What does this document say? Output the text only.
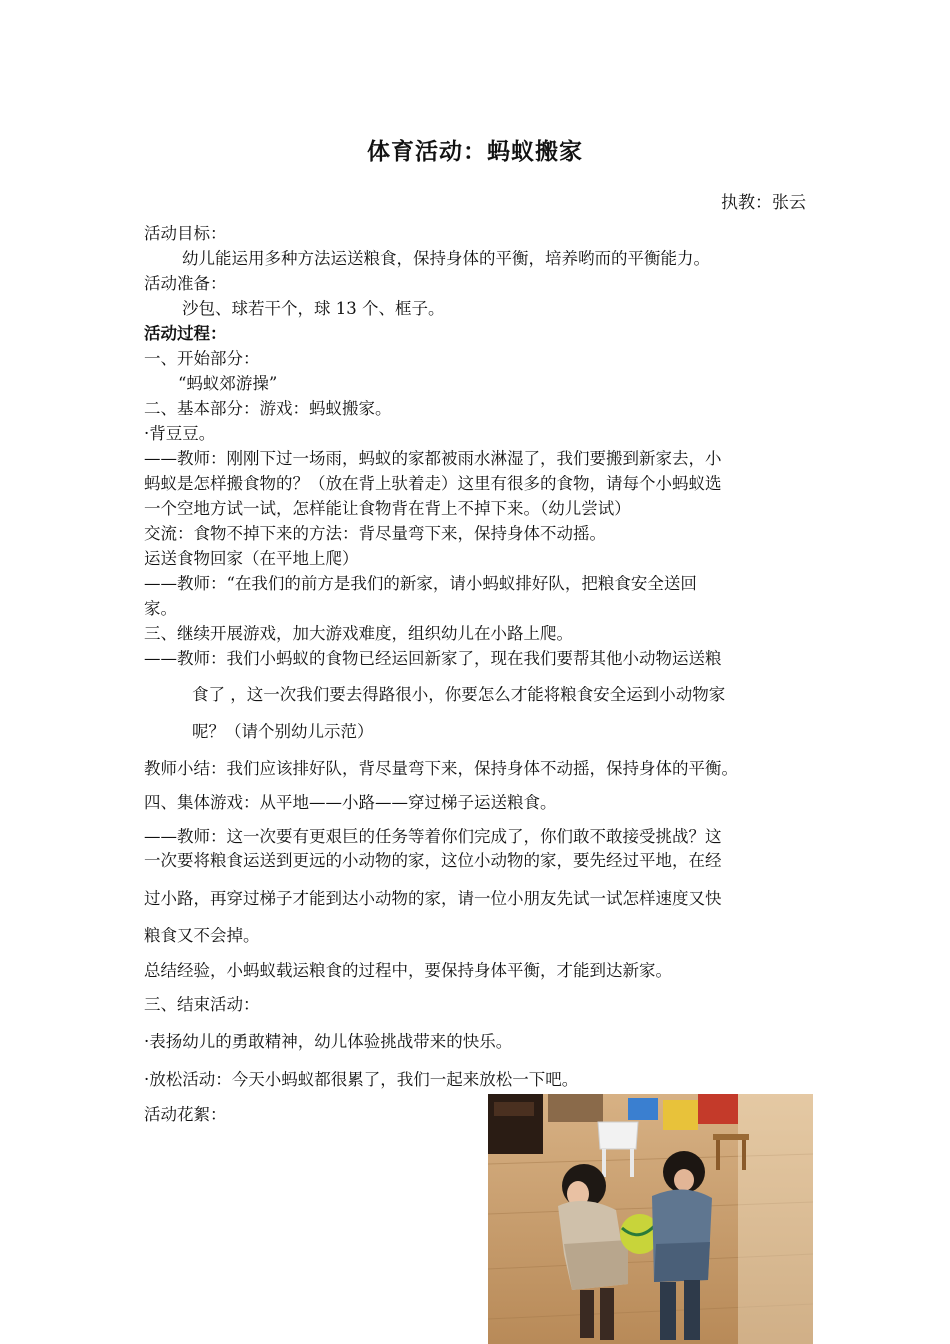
体育活动：蚂蚁搬家
执教：张云
活动目标：
幼儿能运用多种方法运送粮食，保持身体的平衡，培养哟而的平衡能力。
活动准备：
沙包、球若干个，球 13 个、框子。
活动过程：
一、开始部分：
“蚂蚁郊游操”
二、基本部分：游戏：蚂蚁搬家。
·背豆豆。
——教师：刚刚下过一场雨，蚂蚁的家都被雨水淋湿了，我们要搬到新家去，小
蚂蚁是怎样搬食物的？（放在背上驮着走）这里有很多的食物，请每个小蚂蚁选
一个空地方试一试，怎样能让食物背在背上不掉下来。（幼儿尝试）
交流：食物不掉下来的方法：背尽量弯下来，保持身体不动摇。
运送食物回家（在平地上爬）
——教师：“在我们的前方是我们的新家，请小蚂蚁排好队，把粮食安全送回
家。
三、继续开展游戏，加大游戏难度，组织幼儿在小路上爬。
——教师：我们小蚂蚁的食物已经运回新家了，现在我们要帮其他小动物运送粮
食了 ，这一次我们要去得路很小，你要怎么才能将粮食安全运到小动物家
呢？（请个别幼儿示范）
教师小结：我们应该排好队，背尽量弯下来，保持身体不动摇，保持身体的平衡。
四、集体游戏：从平地——小路——穿过梯子运送粮食。
——教师：这一次要有更艰巨的任务等着你们完成了，你们敢不敢接受挑战？这
一次要将粮食运送到更远的小动物的家，这位小动物的家，要先经过平地，在经
过小路，再穿过梯子才能到达小动物的家，请一位小朋友先试一试怎样速度又快
粮食又不会掉。
总结经验，小蚂蚁载运粮食的过程中，要保持身体平衡，才能到达新家。
三、结束活动：
·表扬幼儿的勇敢精神，幼儿体验挑战带来的快乐。
·放松活动：今天小蚂蚁都很累了，我们一起来放松一下吧。
活动花絮：
